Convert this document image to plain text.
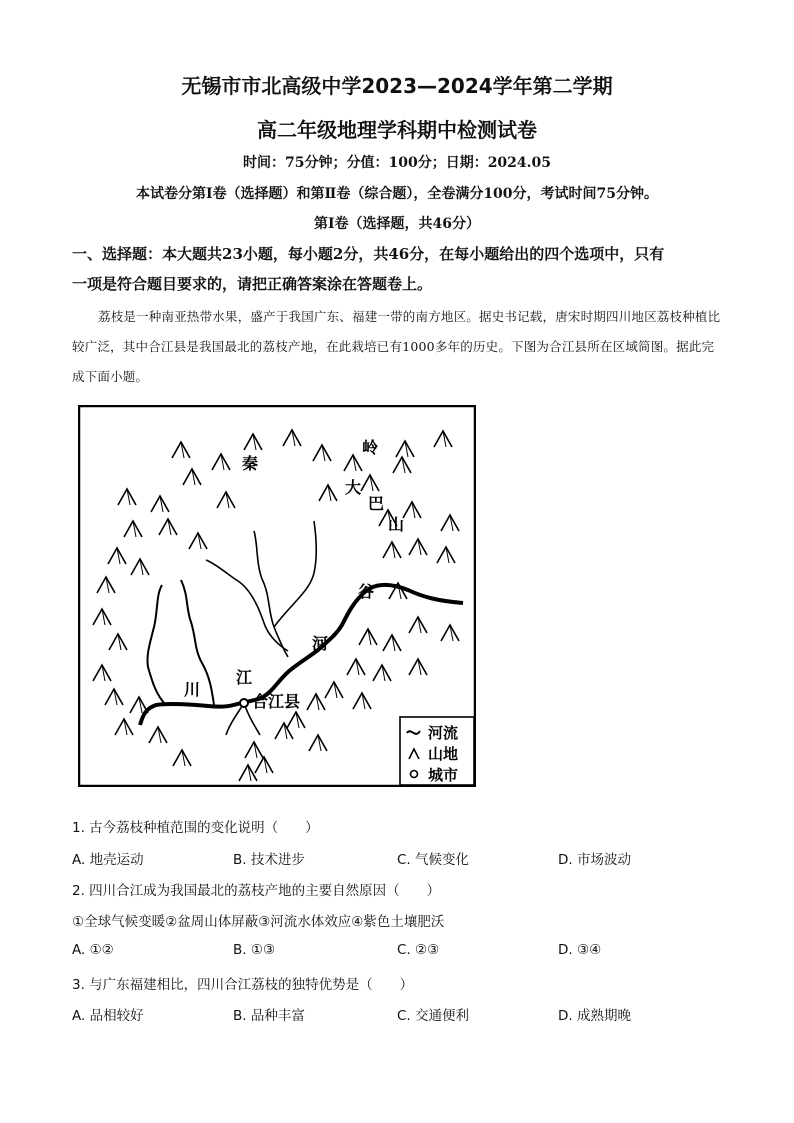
无锡市市北高级中学2023—2024学年第二学期
高二年级地理学科期中检测试卷
时间：75分钟；分值：100分；日期：2024.05
本试卷分第Ⅰ卷（选择题）和第Ⅱ卷（综合题），全卷满分100分，考试时间75分钟。
第Ⅰ卷（选择题，共46分）
一、选择题：本大题共23小题，每小题2分，共46分，在每小题给出的四个选项中，只有
一项是符合题目要求的，请把正确答案涂在答题卷上。
荔枝是一种南亚热带水果，盛产于我国广东、福建一带的南方地区。据史书记载，唐宋时期四川地区荔枝种植比较广泛，其中合江县是我国最北的荔枝产地，在此栽培已有1000多年的历史。下图为合江县所在区域简图。据此完成下面小题。
秦
岭
大
巴
山
谷
河
川
江
合江县
河流
山地
城市
1. 古今荔枝种植范围的变化说明（　　）
A. 地壳运动	B. 技术进步	C. 气候变化	D. 市场波动
2. 四川合江成为我国最北的荔枝产地的主要自然原因（　　）
①全球气候变暖②盆周山体屏蔽③河流水体效应④紫色土壤肥沃
A. ①②	B. ①③	C. ②③	D. ③④
3. 与广东福建相比，四川合江荔枝的独特优势是（　　）
A. 品相较好	B. 品种丰富	C. 交通便利	D. 成熟期晚
